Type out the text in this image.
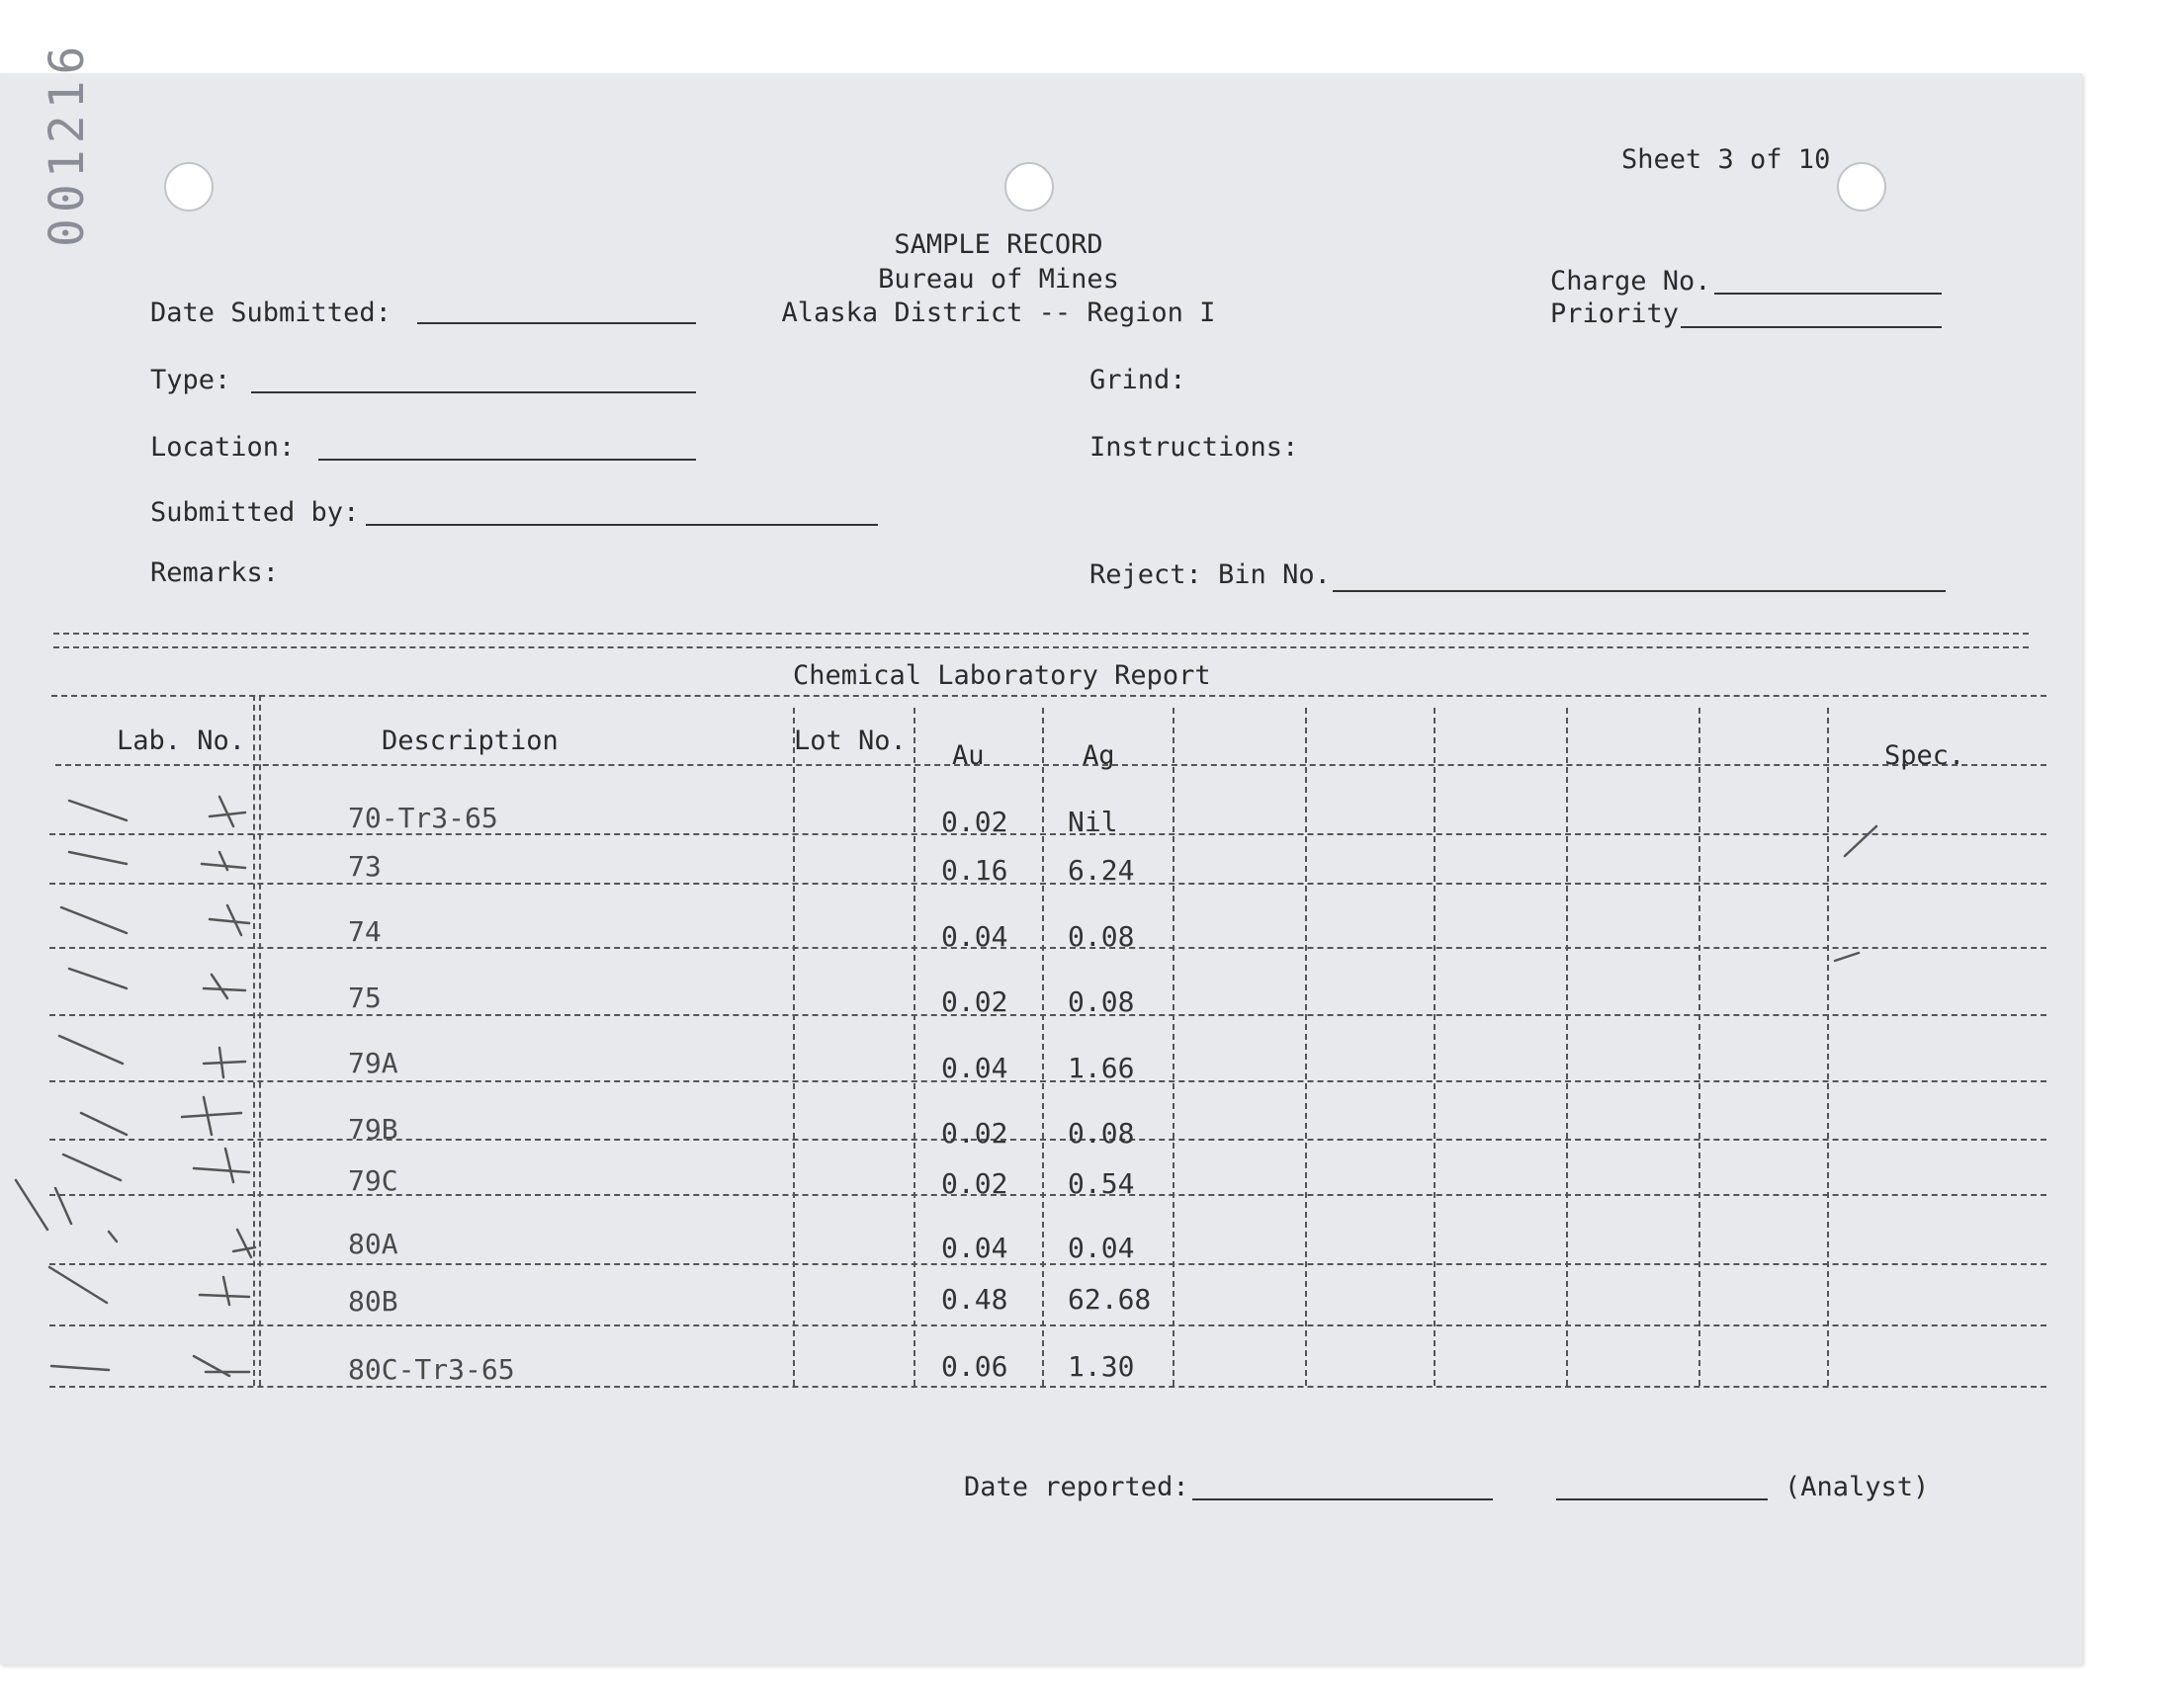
001216	Sheet 3 of 10
SAMPLE RECORD
Bureau of Mines
Alaska District -- Region I
Date Submitted:
Type:
Location:
Submitted by:
Remarks:
Charge No.
Priority
Grind:
Instructions:
Reject: Bin No.
Chemical Laboratory Report
Lab. No.	Description	Lot No. Au	Ag	Spec.
70-Tr3-65	0.02 Nil
73	0.16 6.24
74	0.04 0.08
75	0.02 0.08
79A	0.04 1.66
79B	0.02 0.08
79C	0.02 0.54
80A	0.04 0.04
80B	0.48 62.68
80C-Tr3-65	0.06 1.30
Date reported:	(Analyst)
